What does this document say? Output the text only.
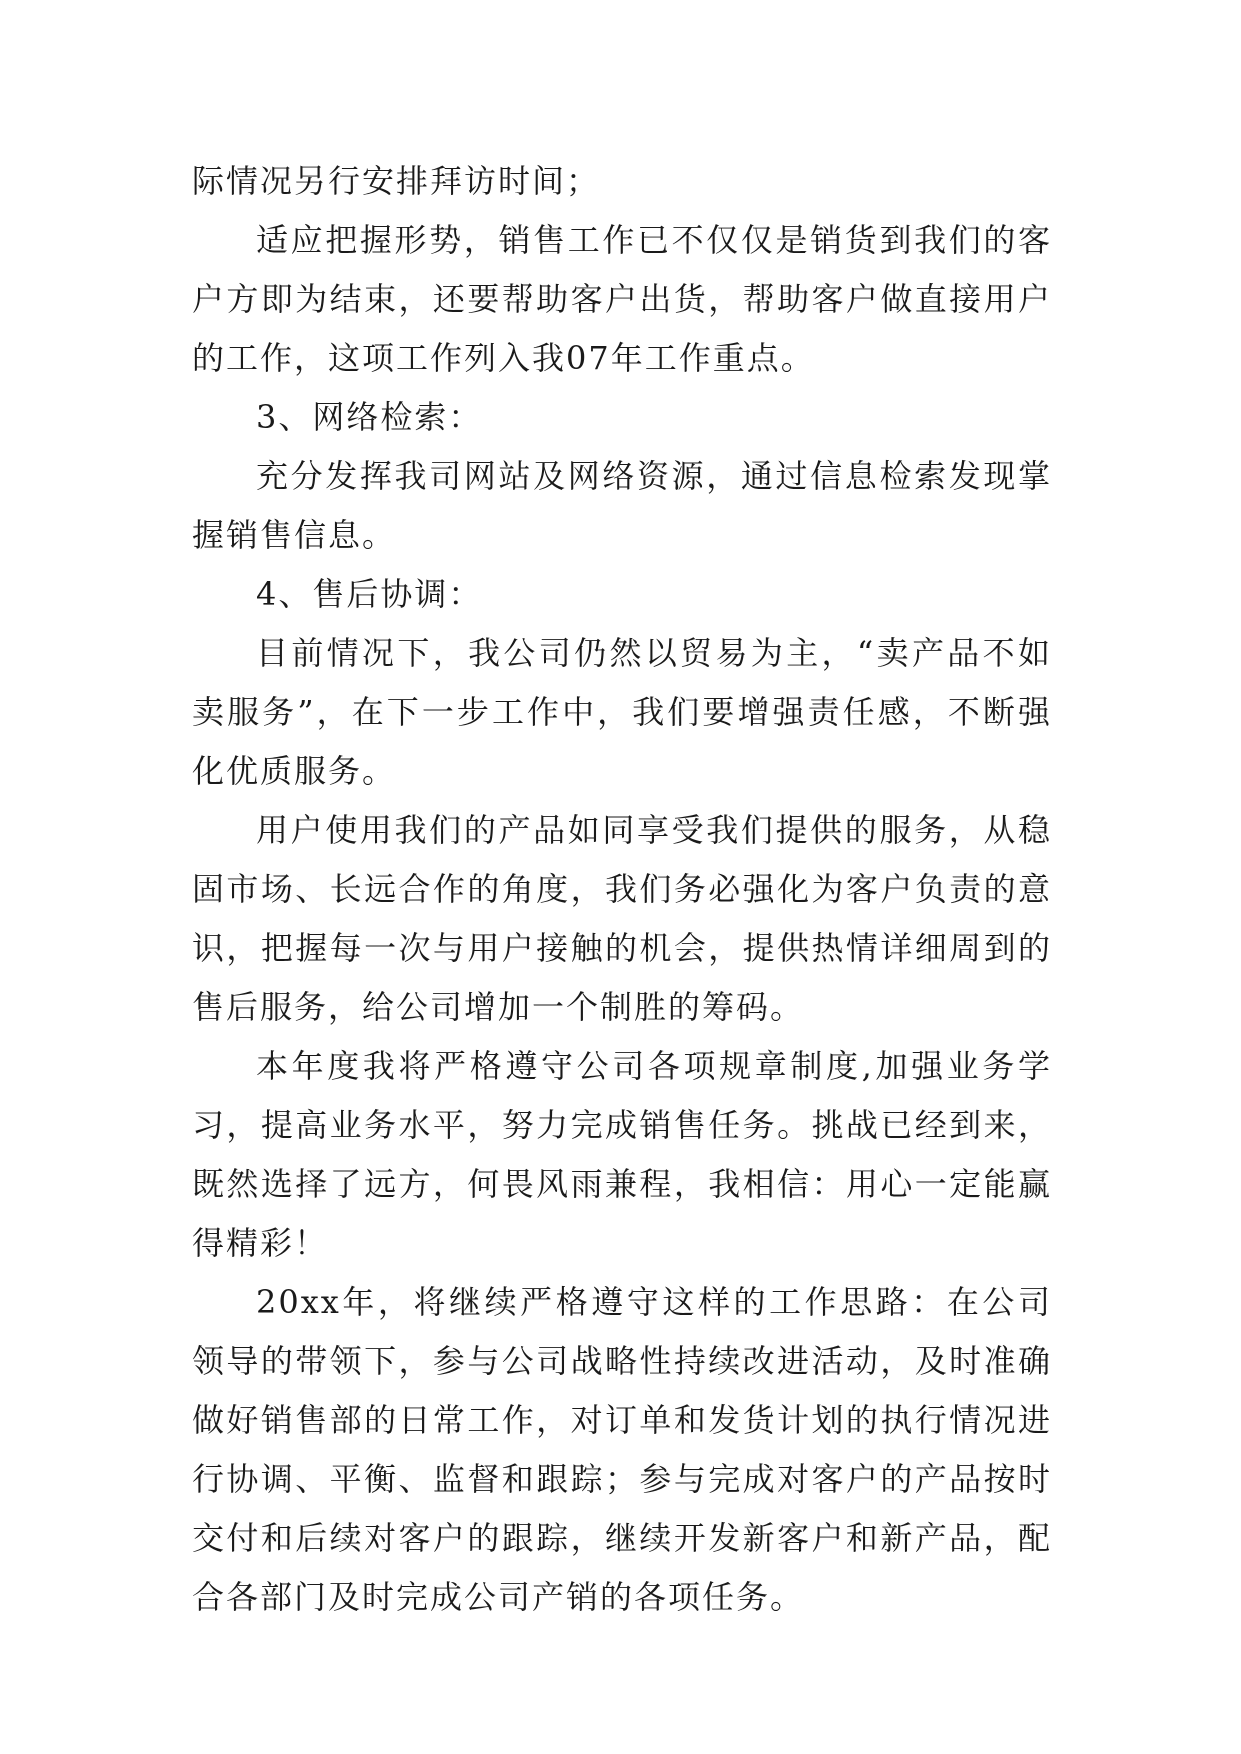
际情况另行安排拜访时间；

适应把握形势，销售工作已不仅仅是销货到我们的客户方即为结束，还要帮助客户出货，帮助客户做直接用户的工作，这项工作列入我07年工作重点。

3、网络检索：

充分发挥我司网站及网络资源，通过信息检索发现掌握销售信息。

4、售后协调：

目前情况下，我公司仍然以贸易为主，“卖产品不如卖服务”，在下一步工作中，我们要增强责任感，不断强化优质服务。

用户使用我们的产品如同享受我们提供的服务，从稳固市场、长远合作的角度，我们务必强化为客户负责的意识，把握每一次与用户接触的机会，提供热情详细周到的售后服务，给公司增加一个制胜的筹码。

本年度我将严格遵守公司各项规章制度,加强业务学习，提高业务水平，努力完成销售任务。挑战已经到来，既然选择了远方，何畏风雨兼程，我相信：用心一定能赢得精彩！

20xx年，将继续严格遵守这样的工作思路：在公司领导的带领下，参与公司战略性持续改进活动，及时准确做好销售部的日常工作，对订单和发货计划的执行情况进行协调、平衡、监督和跟踪；参与完成对客户的产品按时交付和后续对客户的跟踪，继续开发新客户和新产品，配合各部门及时完成公司产销的各项任务。
